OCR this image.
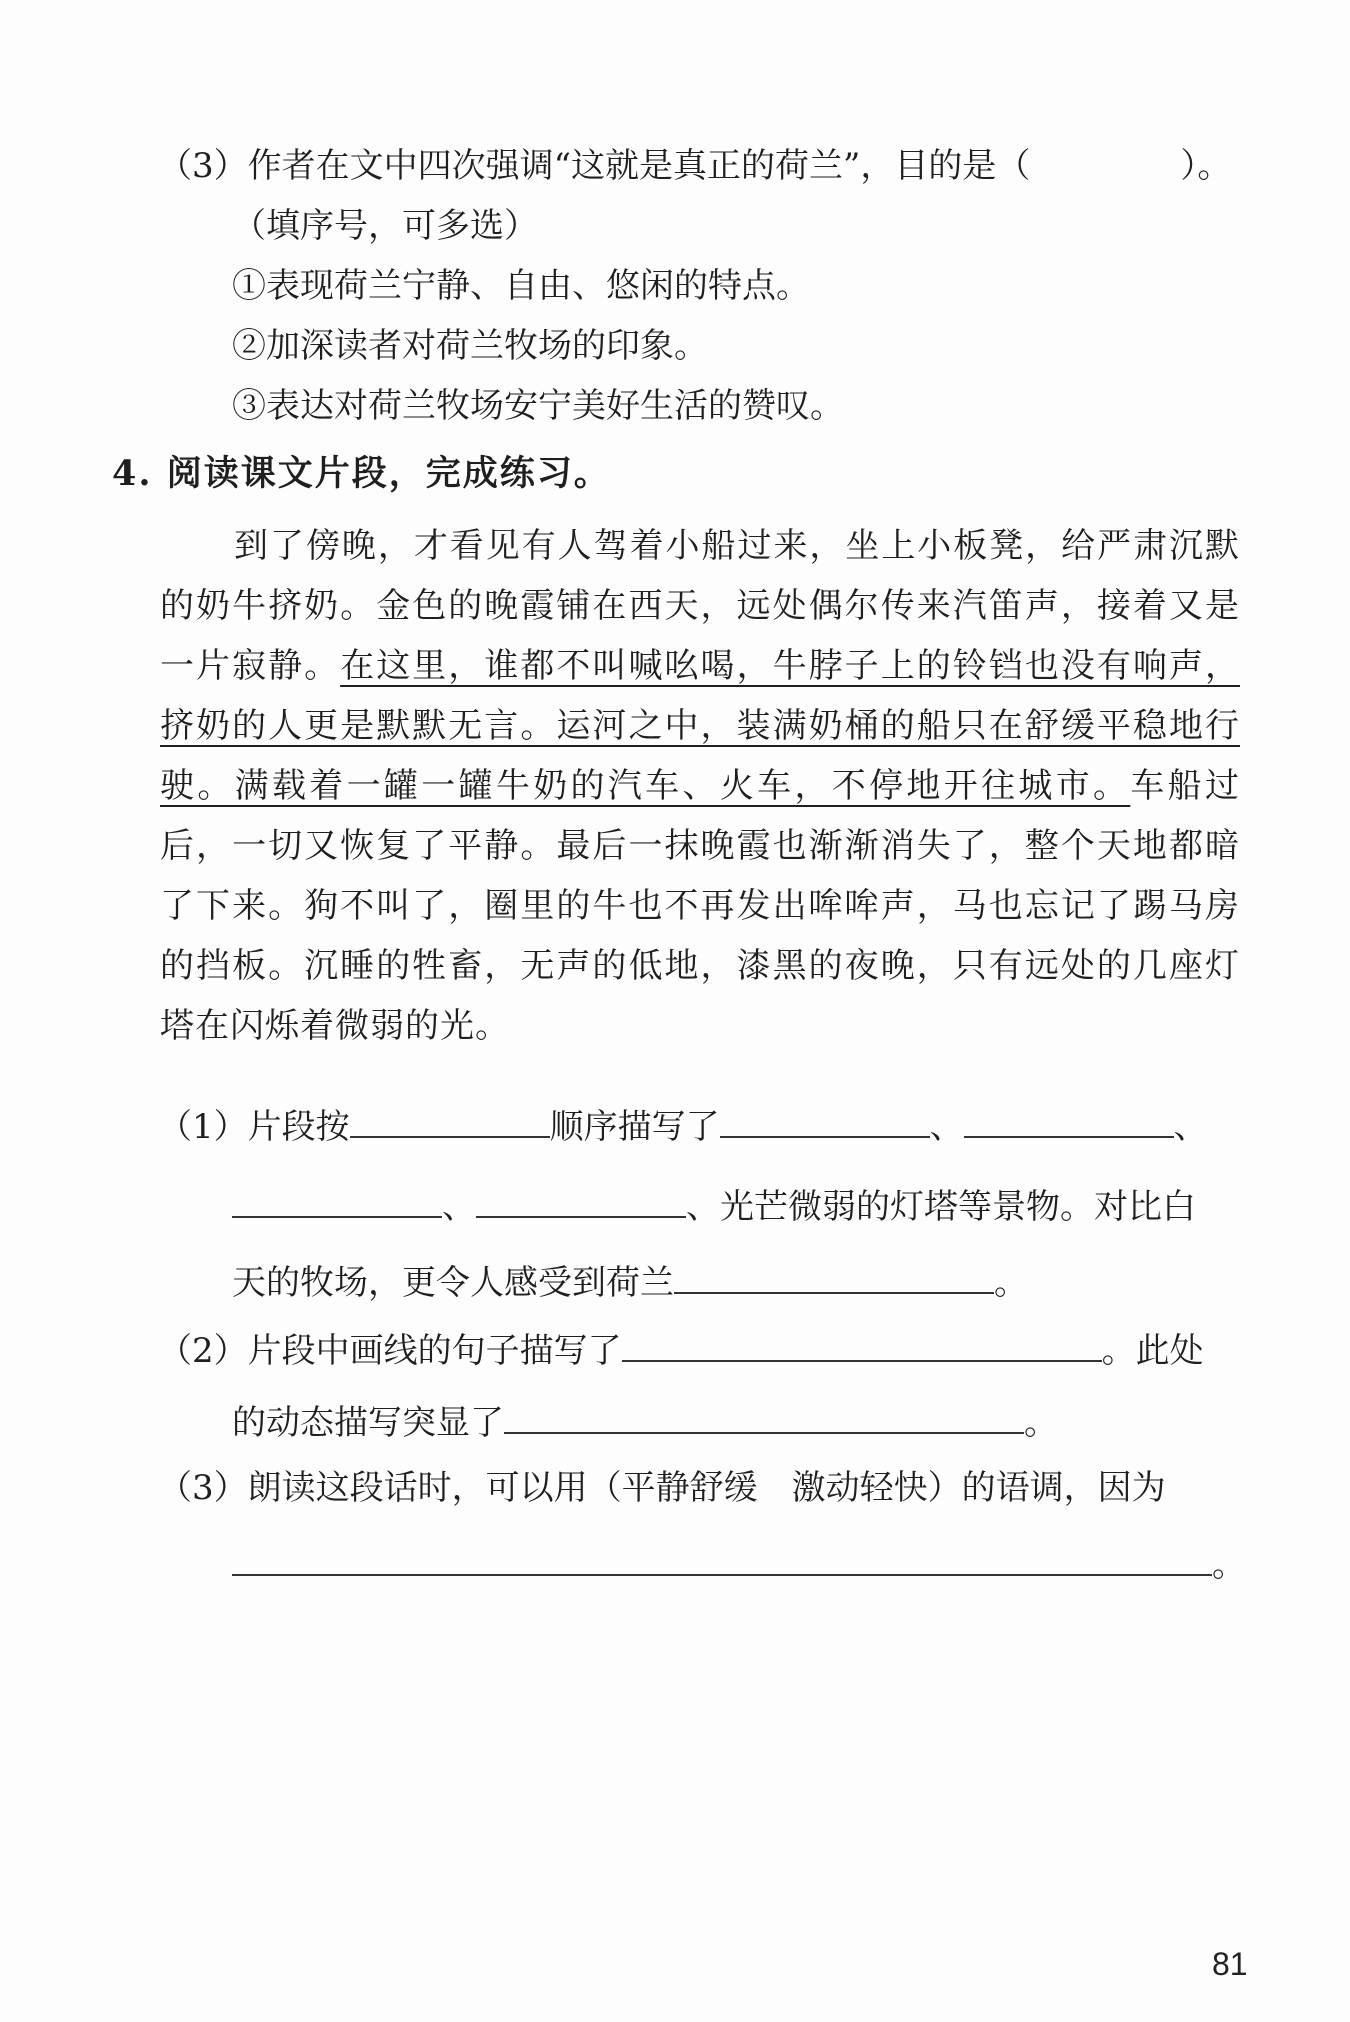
（3）作者在文中四次强调“这就是真正的荷兰”，目的是（	）。
（填序号，可多选）
①表现荷兰宁静、自由、悠闲的特点。
②加深读者对荷兰牧场的印象。
③表达对荷兰牧场安宁美好生活的赞叹。
4. 阅读课文片段，完成练习。
到了傍晚，才看见有人驾着小船过来，坐上小板凳，给严肃沉默的奶牛挤奶。金色的晚霞铺在西天，远处偶尔传来汽笛声，接着又是一片寂静。在这里，谁都不叫喊吆喝，牛脖子上的铃铛也没有响声，挤奶的人更是默默无言。运河之中，装满奶桶的船只在舒缓平稳地行驶。满载着一罐一罐牛奶的汽车、火车，不停地开往城市。车船过后，一切又恢复了平静。最后一抹晚霞也渐渐消失了，整个天地都暗了下来。狗不叫了，圈里的牛也不再发出哞哞声，马也忘记了踢马房的挡板。沉睡的牲畜，无声的低地，漆黑的夜晚，只有远处的几座灯塔在闪烁着微弱的光。
（1）片段按	顺序描写了	、	、
、	、光芒微弱的灯塔等景物。对比白
天的牧场，更令人感受到荷兰	。
（2）片段中画线的句子描写了	。此处
的动态描写突显了	。
（3）朗读这段话时，可以用（平静舒缓　激动轻快）的语调，因为
。
81
